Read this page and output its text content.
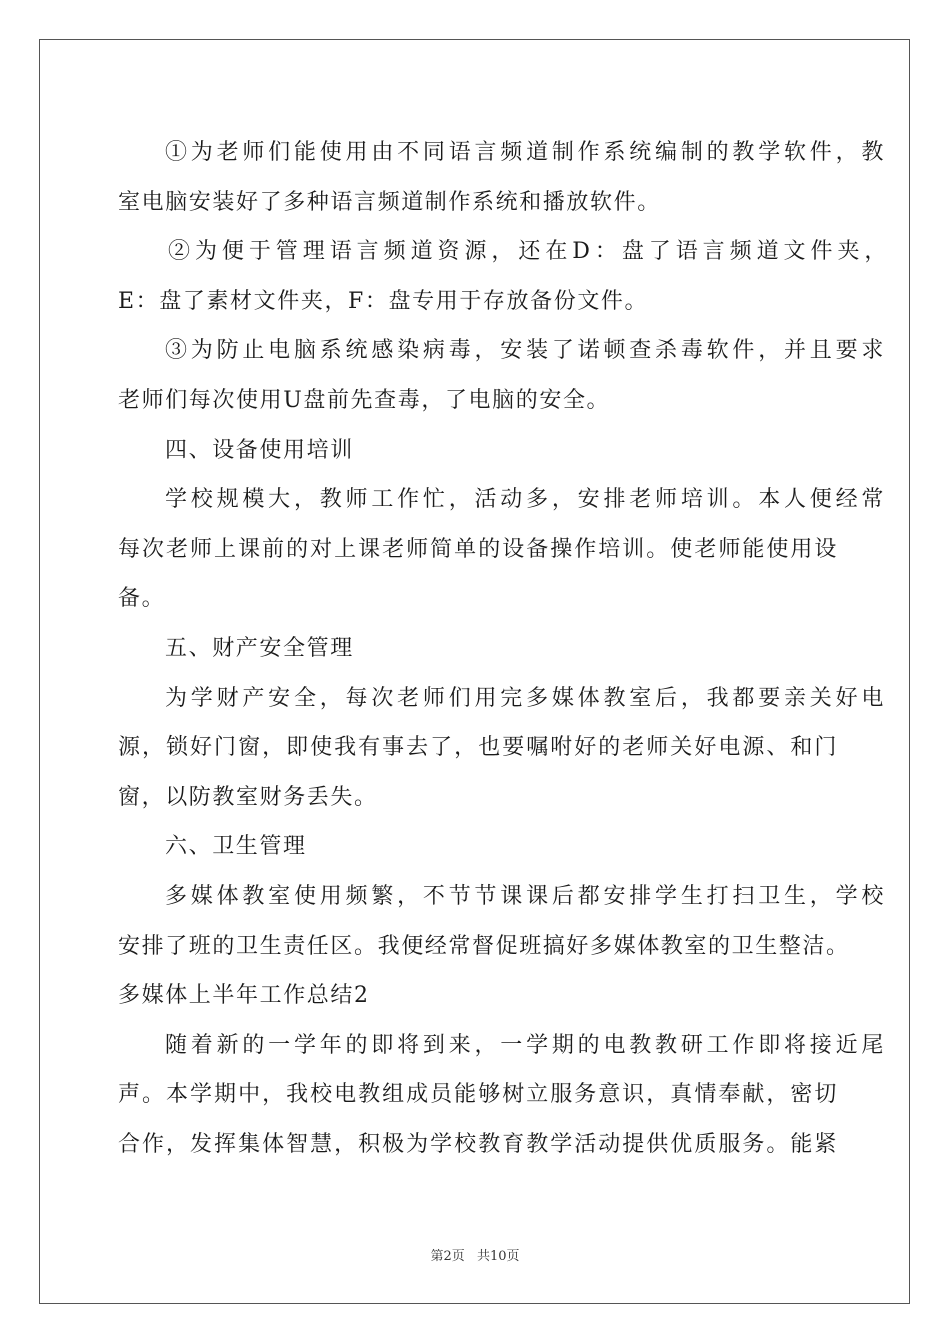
①为老师们能使用由不同语言频道制作系统编制的教学软件，教
室电脑安装好了多种语言频道制作系统和播放软件。
②为便于管理语言频道资源，还在D：盘了语言频道文件夹，
E：盘了素材文件夹，F：盘专用于存放备份文件。
③为防止电脑系统感染病毒，安装了诺顿查杀毒软件，并且要求
老师们每次使用U盘前先查毒，了电脑的安全。
四、设备使用培训
学校规模大，教师工作忙，活动多，安排老师培训。本人便经常
每次老师上课前的对上课老师简单的设备操作培训。使老师能使用设
备。
五、财产安全管理
为学财产安全，每次老师们用完多媒体教室后，我都要亲关好电
源，锁好门窗，即使我有事去了，也要嘱咐好的老师关好电源、和门
窗，以防教室财务丢失。
六、卫生管理
多媒体教室使用频繁，不节节课课后都安排学生打扫卫生，学校
安排了班的卫生责任区。我便经常督促班搞好多媒体教室的卫生整洁。
多媒体上半年工作总结2
随着新的一学年的即将到来，一学期的电教教研工作即将接近尾
声。本学期中，我校电教组成员能够树立服务意识，真情奉献，密切
合作，发挥集体智慧，积极为学校教育教学活动提供优质服务。能紧
第2页 共10页
